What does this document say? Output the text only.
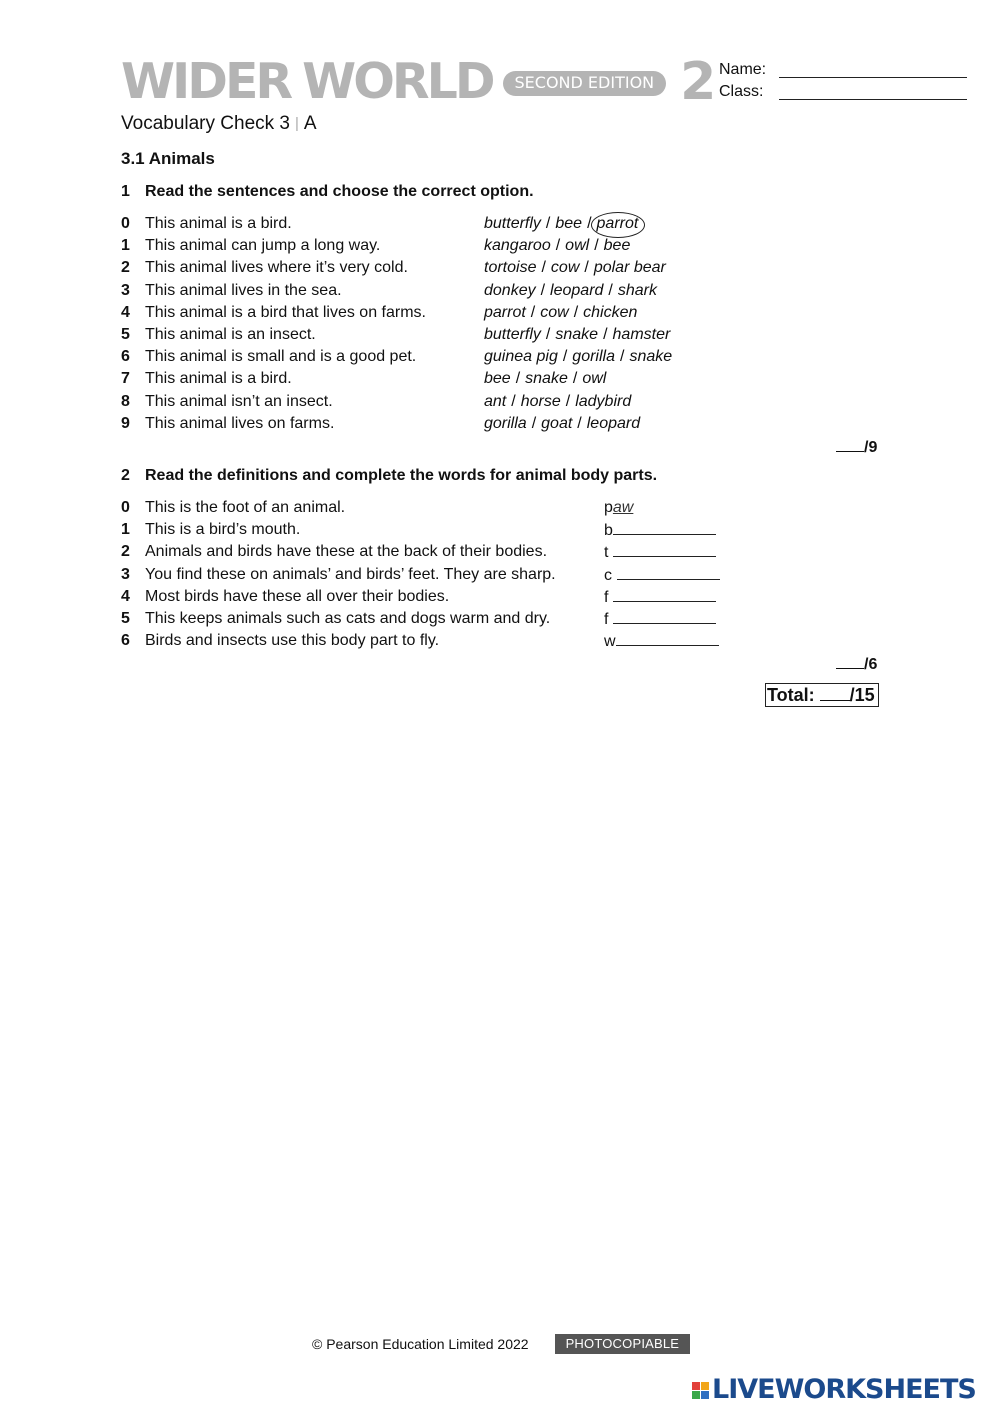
WIDER WORLD	SECOND EDITION 2 Name:
Class:
Vocabulary Check 3 | A
3.1 Animals
1 Read the sentences and choose the correct option.
0 This animal is a bird.	butterfly / bee / parrot
1 This animal can jump a long way.	kangaroo / owl / bee
2 This animal lives where it’s very cold.	tortoise / cow / polar bear
3 This animal lives in the sea.	donkey / leopard / shark
4 This animal is a bird that lives on farms.	parrot / cow / chicken
5 This animal is an insect.	butterfly / snake / hamster
6 This animal is small and is a good pet.	guinea pig / gorilla / snake
7 This animal is a bird.	bee / snake / owl
8 This animal isn’t an insect.	ant / horse / ladybird
9 This animal lives on farms.	gorilla / goat / leopard
/9
2 Read the definitions and complete the words for animal body parts.
0 This is the foot of an animal.	paw
1 This is a bird’s mouth.	b
2 Animals and birds have these at the back of their bodies.	t
3 You find these on animals’ and birds’ feet. They are sharp.	c
4 Most birds have these all over their bodies.	f
5 This keeps animals such as cats and dogs warm and dry.	f
6 Birds and insects use this body part to fly.	w
/6
Total: /15
© Pearson Education Limited 2022	PHOTOCOPIABLE
LIVEWORKSHEETS
